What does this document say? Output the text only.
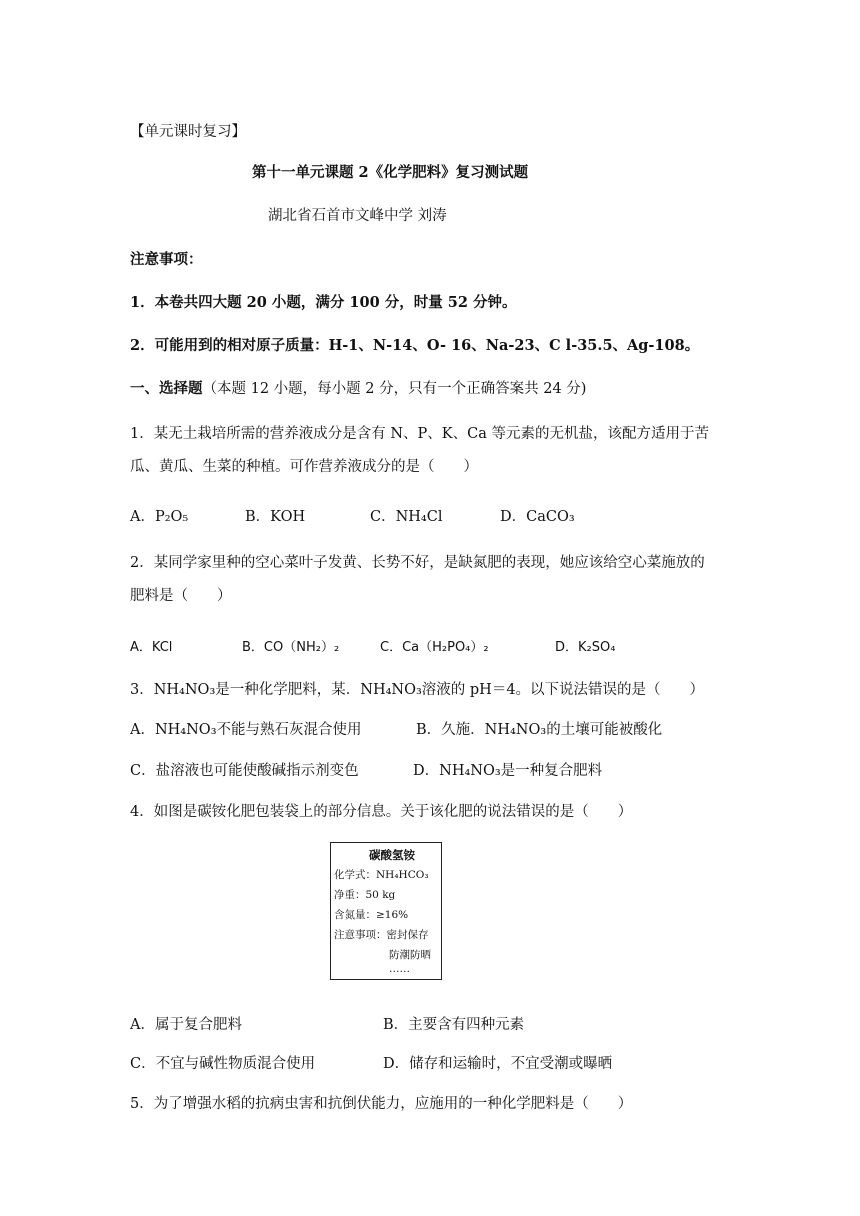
【单元课时复习】
第十一单元课题 2《化学肥料》复习测试题
湖北省石首市文峰中学 刘涛
注意事项：
1．本卷共四大题 20 小题，满分 100 分，时量 52 分钟。
2．可能用到的相对原子质量：H-1、N-14、O- 16、Na-23、C l-35.5、Ag-108。
一、选择题（本题 12 小题，每小题 2 分，只有一个正确答案共 24 分)
1．某无土栽培所需的营养液成分是含有 N、P、K、Ca 等元素的无机盐，该配方适用于苦
瓜、黄瓜、生菜的种植。可作营养液成分的是（　　）
A．P₂O₅	B．KOH	C．NH₄Cl	D．CaCO₃
2．某同学家里种的空心菜叶子发黄、长势不好，是缺氮肥的表现，她应该给空心菜施放的
肥料是（　　）
A．KCl	B．CO（NH₂）₂	C．Ca（H₂PO₄）₂	D．K₂SO₄
3．NH₄NO₃是一种化学肥料，某．NH₄NO₃溶液的 pH＝4。以下说法错误的是（　　）
A．NH₄NO₃不能与熟石灰混合使用	B．久施．NH₄NO₃的土壤可能被酸化
C．盐溶液也可能使酸碱指示剂变色	D．NH₄NO₃是一种复合肥料
4．如图是碳铵化肥包装袋上的部分信息。关于该化肥的说法错误的是（　　）
碳酸氢铵
化学式：NH₄HCO₃
净重：50 kg
含氮量：≥16%
注意事项：密封保存
防潮防晒
……
A．属于复合肥料	B．主要含有四种元素
C．不宜与碱性物质混合使用	D．储存和运输时，不宜受潮或曝晒
5．为了增强水稻的抗病虫害和抗倒伏能力，应施用的一种化学肥料是（　　）
